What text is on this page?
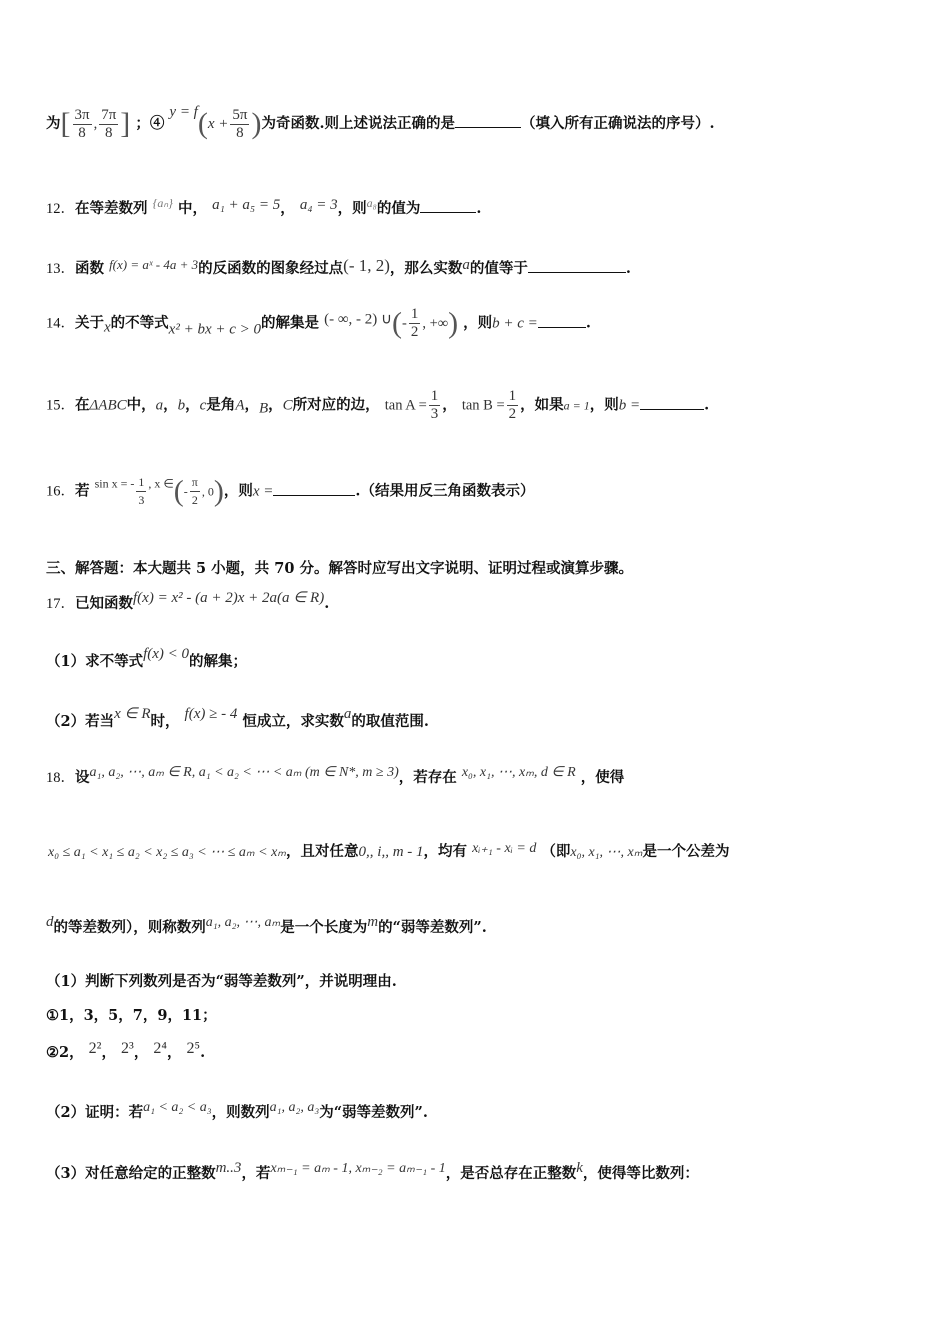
为[ $\frac{3\pi}{8}$ , $\frac{7\pi}{8}$ ] ；④ $y = f(x + \frac{5\pi}{8}$ )为奇函数.则上述说法正确的是	（填入所有正确说法的序号）.
12．在等差数列 $^{\{a_n\}}$ 中， a₁ + a₅ = 5， a₄ = 3，则$^{a_8}$的值为	.
13．函数 f(x) = aˣ - 4a + 3的反函数的图象经过点(- 1, 2)，那么实数a的值等于	.
14．关于x的不等式x² + bx + c > 0的解集是 (- ∞, - 2) ∪(- $\frac{1}{2}$ , +∞) ，则b + c =	.
15．在ΔABC中，a，b，c是角A，B，C所对应的边， $\tan A = \frac{1}{3}$ ， $\tan B = \frac{1}{2}$ ，如果a = 1，则b =	.
16．若 $^{sin x = -} \frac{1}{3} ^{, x \in}(- \frac{\pi}{2}$ , 0)，则x =	.（结果用反三角函数表示）
三、解答题：本大题共 5 小题，共 70 分。解答时应写出文字说明、证明过程或演算步骤。
17．已知函数f(x) = x² - (a + 2)x + 2a(a ∈ R).
（1）求不等式f(x) < 0的解集；
（2）若当x ∈ R时， f(x) ≥ - 4 恒成立，求实数a的取值范围.
18．设a₁, a₂, ⋯, aₘ ∈ R, a₁ < a₂ < ⋯ < aₘ (m ∈ N*, m ≥ 3)，若存在 x₀, x₁, ⋯, xₘ, d ∈ R ，使得
x₀ ≤ a₁ < x₁ ≤ a₂ < x₂ ≤ a₃ < ⋯ ≤ aₘ < xₘ，且对任意0,, i,, m - 1，均有 xᵢ₊₁ - xᵢ = d （即x₀, x₁, ⋯, xₘ是一个公差为
d的等差数列），则称数列a₁, a₂, ⋯, aₘ是一个长度为m的“弱等差数列”.
（1）判断下列数列是否为“弱等差数列”，并说明理由.
①1，3，5，7，9，11；
②2， 2²， 2³， 2⁴， 2⁵.
（2）证明：若a₁ < a₂ < a₃，则数列a₁, a₂, a₃为“弱等差数列”.
（3）对任意给定的正整数m..3，若xₘ₋₁ = aₘ - 1, xₘ₋₂ = aₘ₋₁ - 1，是否总存在正整数k，使得等比数列：
